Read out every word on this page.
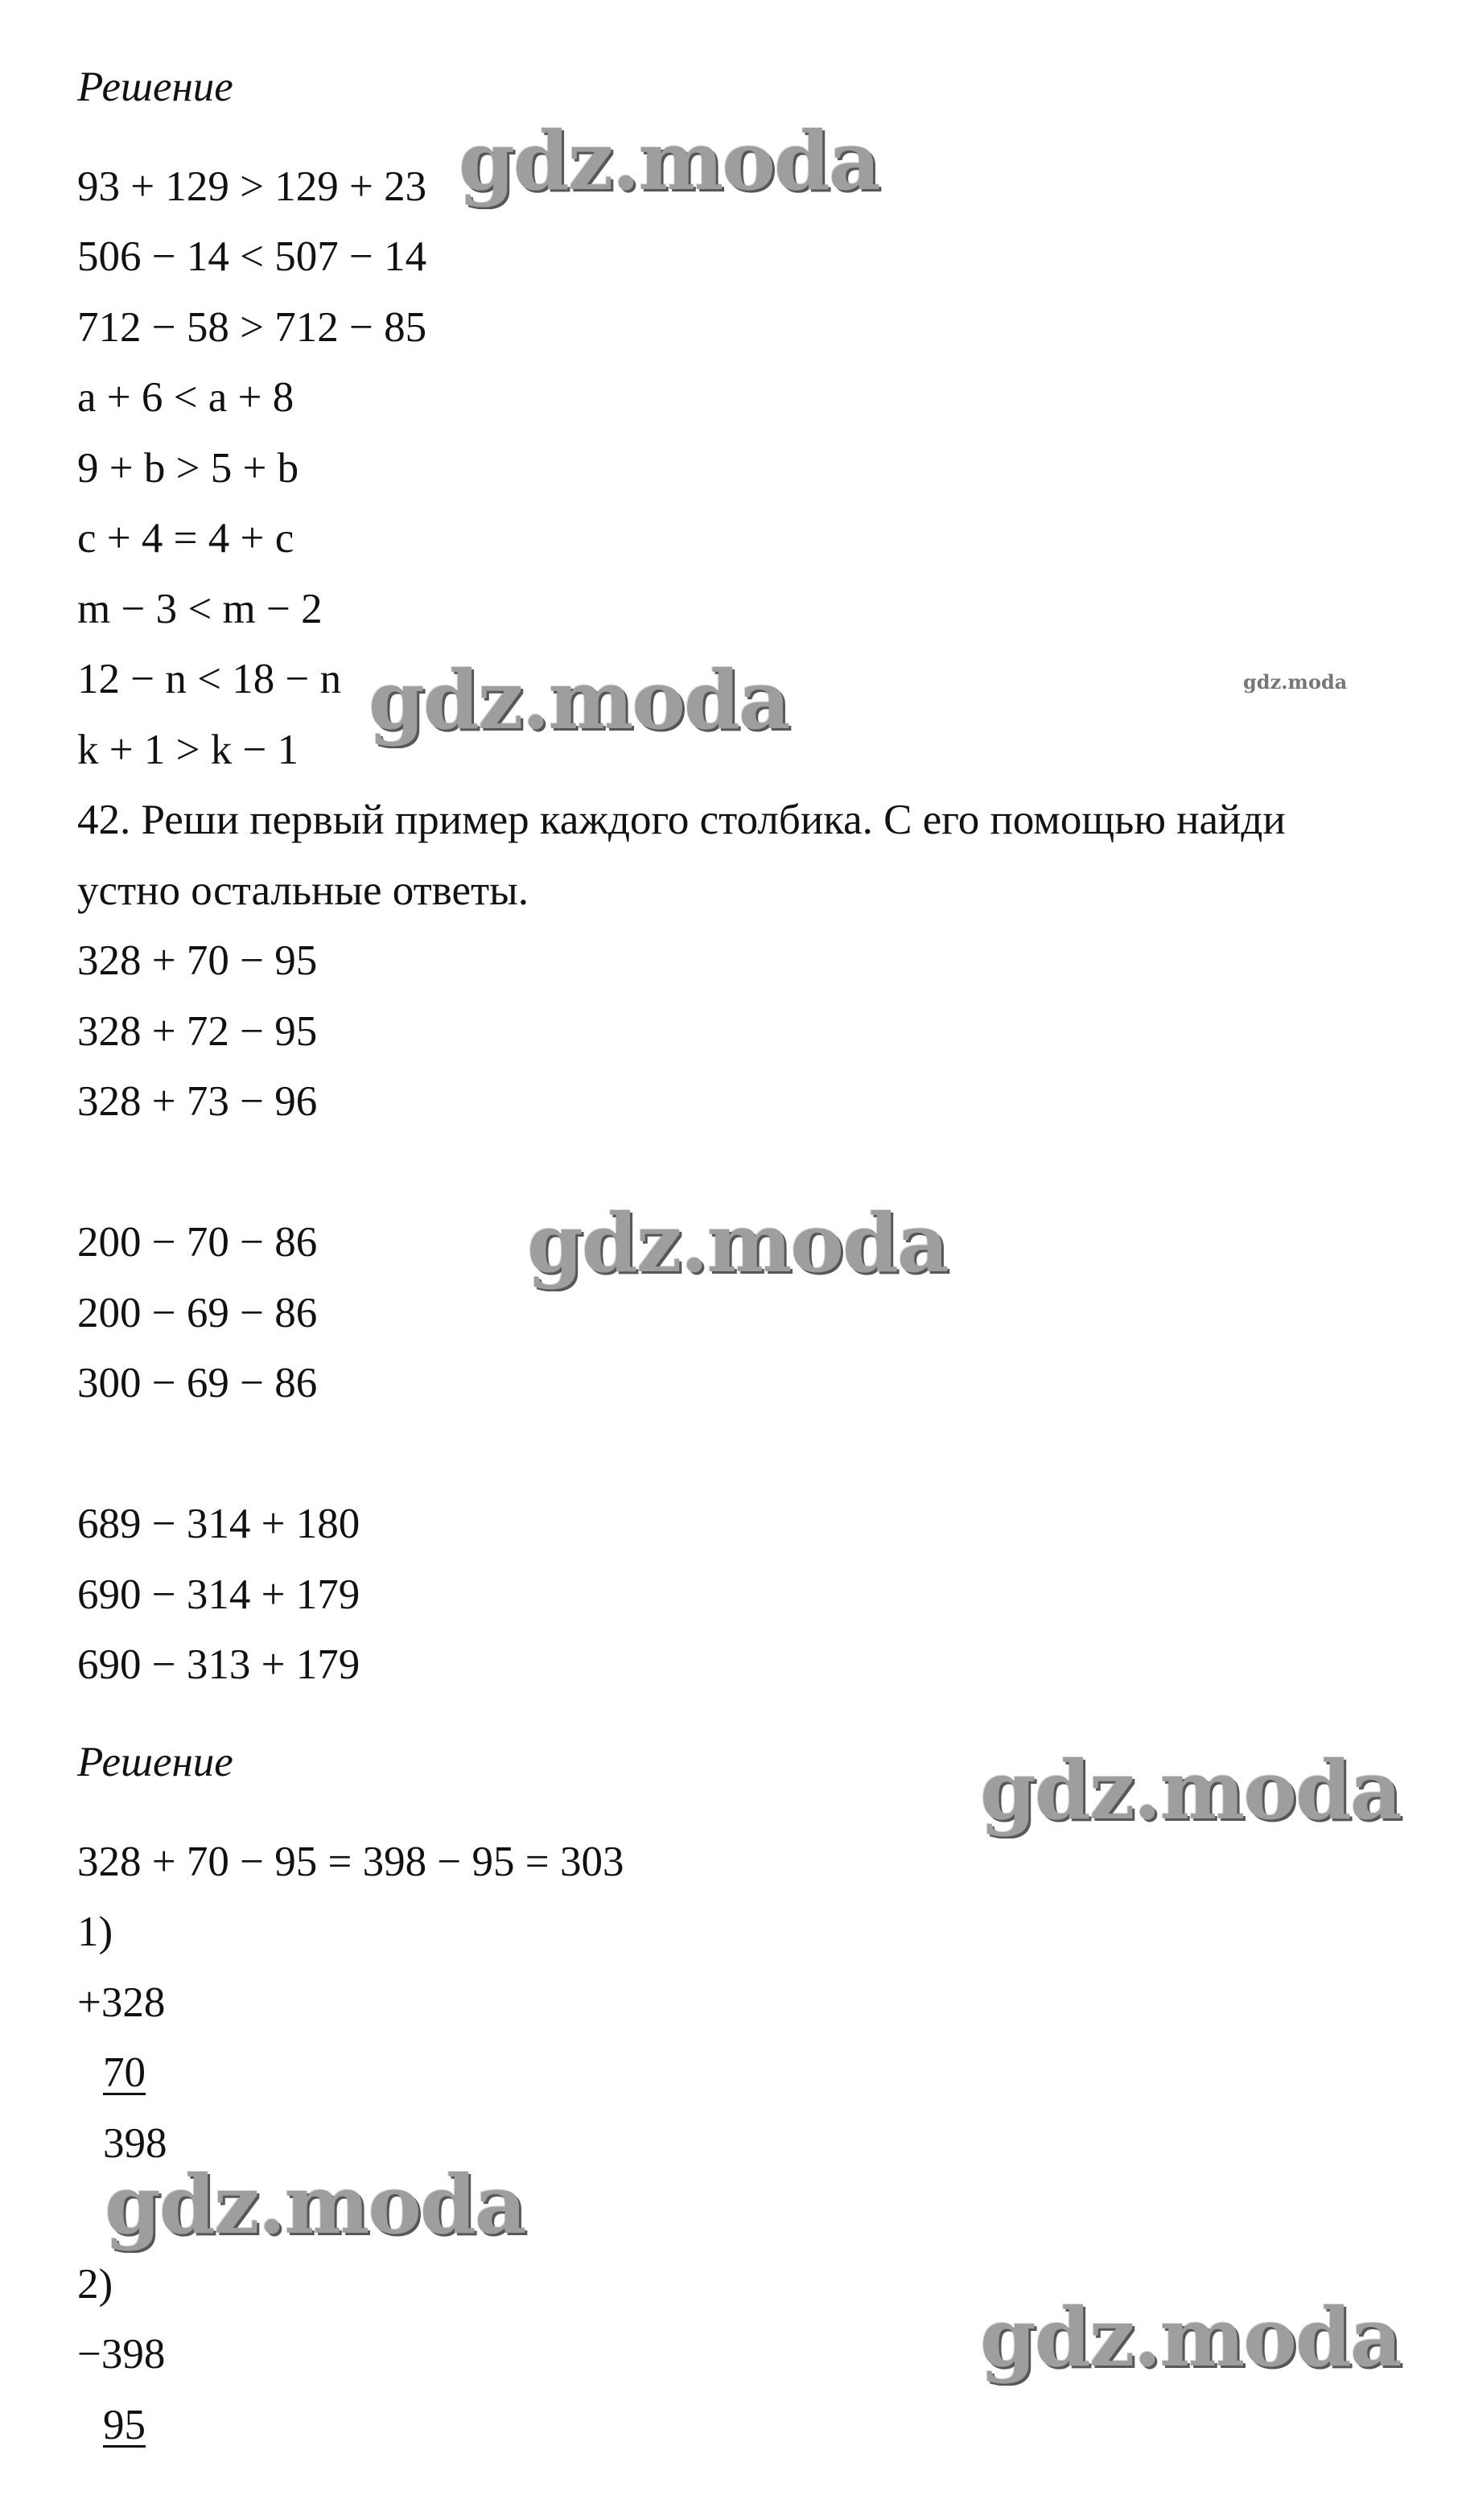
Решение

93 + 129 > 129 + 23

506 − 14 < 507 − 14

712 − 58 > 712 − 85

a + 6 < a + 8

9 + b > 5 + b

c + 4 = 4 + c

m − 3 < m − 2

12 − n < 18 − n

k + 1 > k − 1

42. Реши первый пример каждого столбика. С его помощью найди

устно остальные ответы.

328 + 70 − 95

328 + 72 − 95

328 + 73 − 96

200 − 70 − 86

200 − 69 − 86

300 − 69 − 86

689 − 314 + 180

690 − 314 + 179

690 − 313 + 179

Решение

328 + 70 − 95 = 398 − 95 = 303

1)

+328

70

398

2)

−398

95

gdz.moda

gdz.moda	gdz.moda

gdz.moda

gdz.moda

gdz.moda

gdz.moda
